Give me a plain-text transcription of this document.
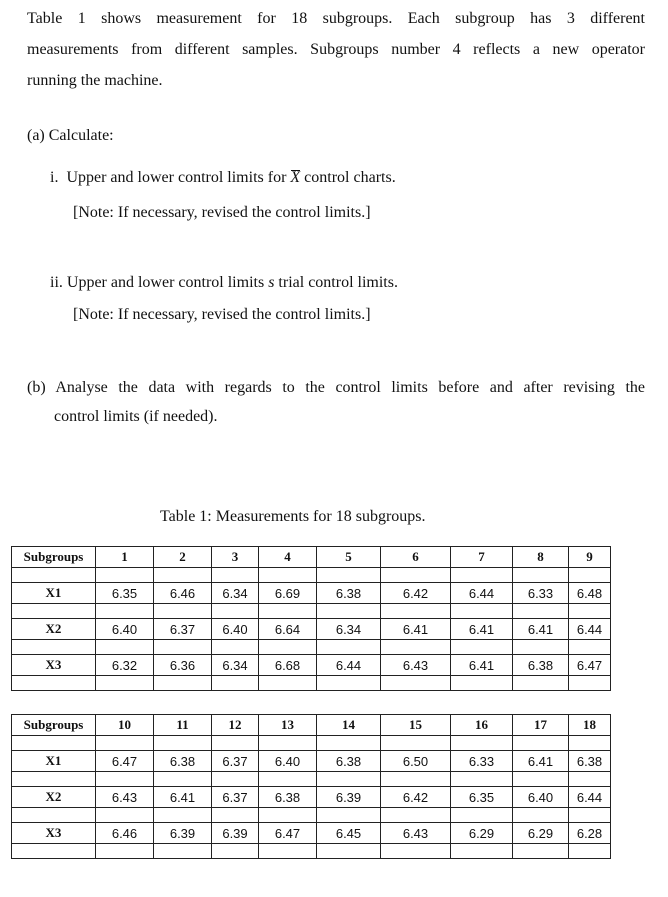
Table 1 shows measurement for 18 subgroups. Each subgroup has 3 different
measurements from different samples. Subgroups number 4 reflects a new operator
running the machine.
(a) Calculate:
i.  Upper and lower control limits for X control charts.
[Note: If necessary, revised the control limits.]
ii. Upper and lower control limits s trial control limits.
[Note: If necessary, revised the control limits.]
(b) Analyse the data with regards to the control limits before and after revising the
control limits (if needed).
Table 1: Measurements for 18 subgroups.
Subgroups	1	2	3	4	5	6	7	8	9

X1	6.35	6.46	6.34	6.69	6.38	6.42	6.44	6.33	6.48

X2	6.40	6.37	6.40	6.64	6.34	6.41	6.41	6.41	6.44

X3	6.32	6.36	6.34	6.68	6.44	6.43	6.41	6.38	6.47

Subgroups	10	11	12	13	14	15	16	17	18

X1	6.47	6.38	6.37	6.40	6.38	6.50	6.33	6.41	6.38

X2	6.43	6.41	6.37	6.38	6.39	6.42	6.35	6.40	6.44

X3	6.46	6.39	6.39	6.47	6.45	6.43	6.29	6.29	6.28
